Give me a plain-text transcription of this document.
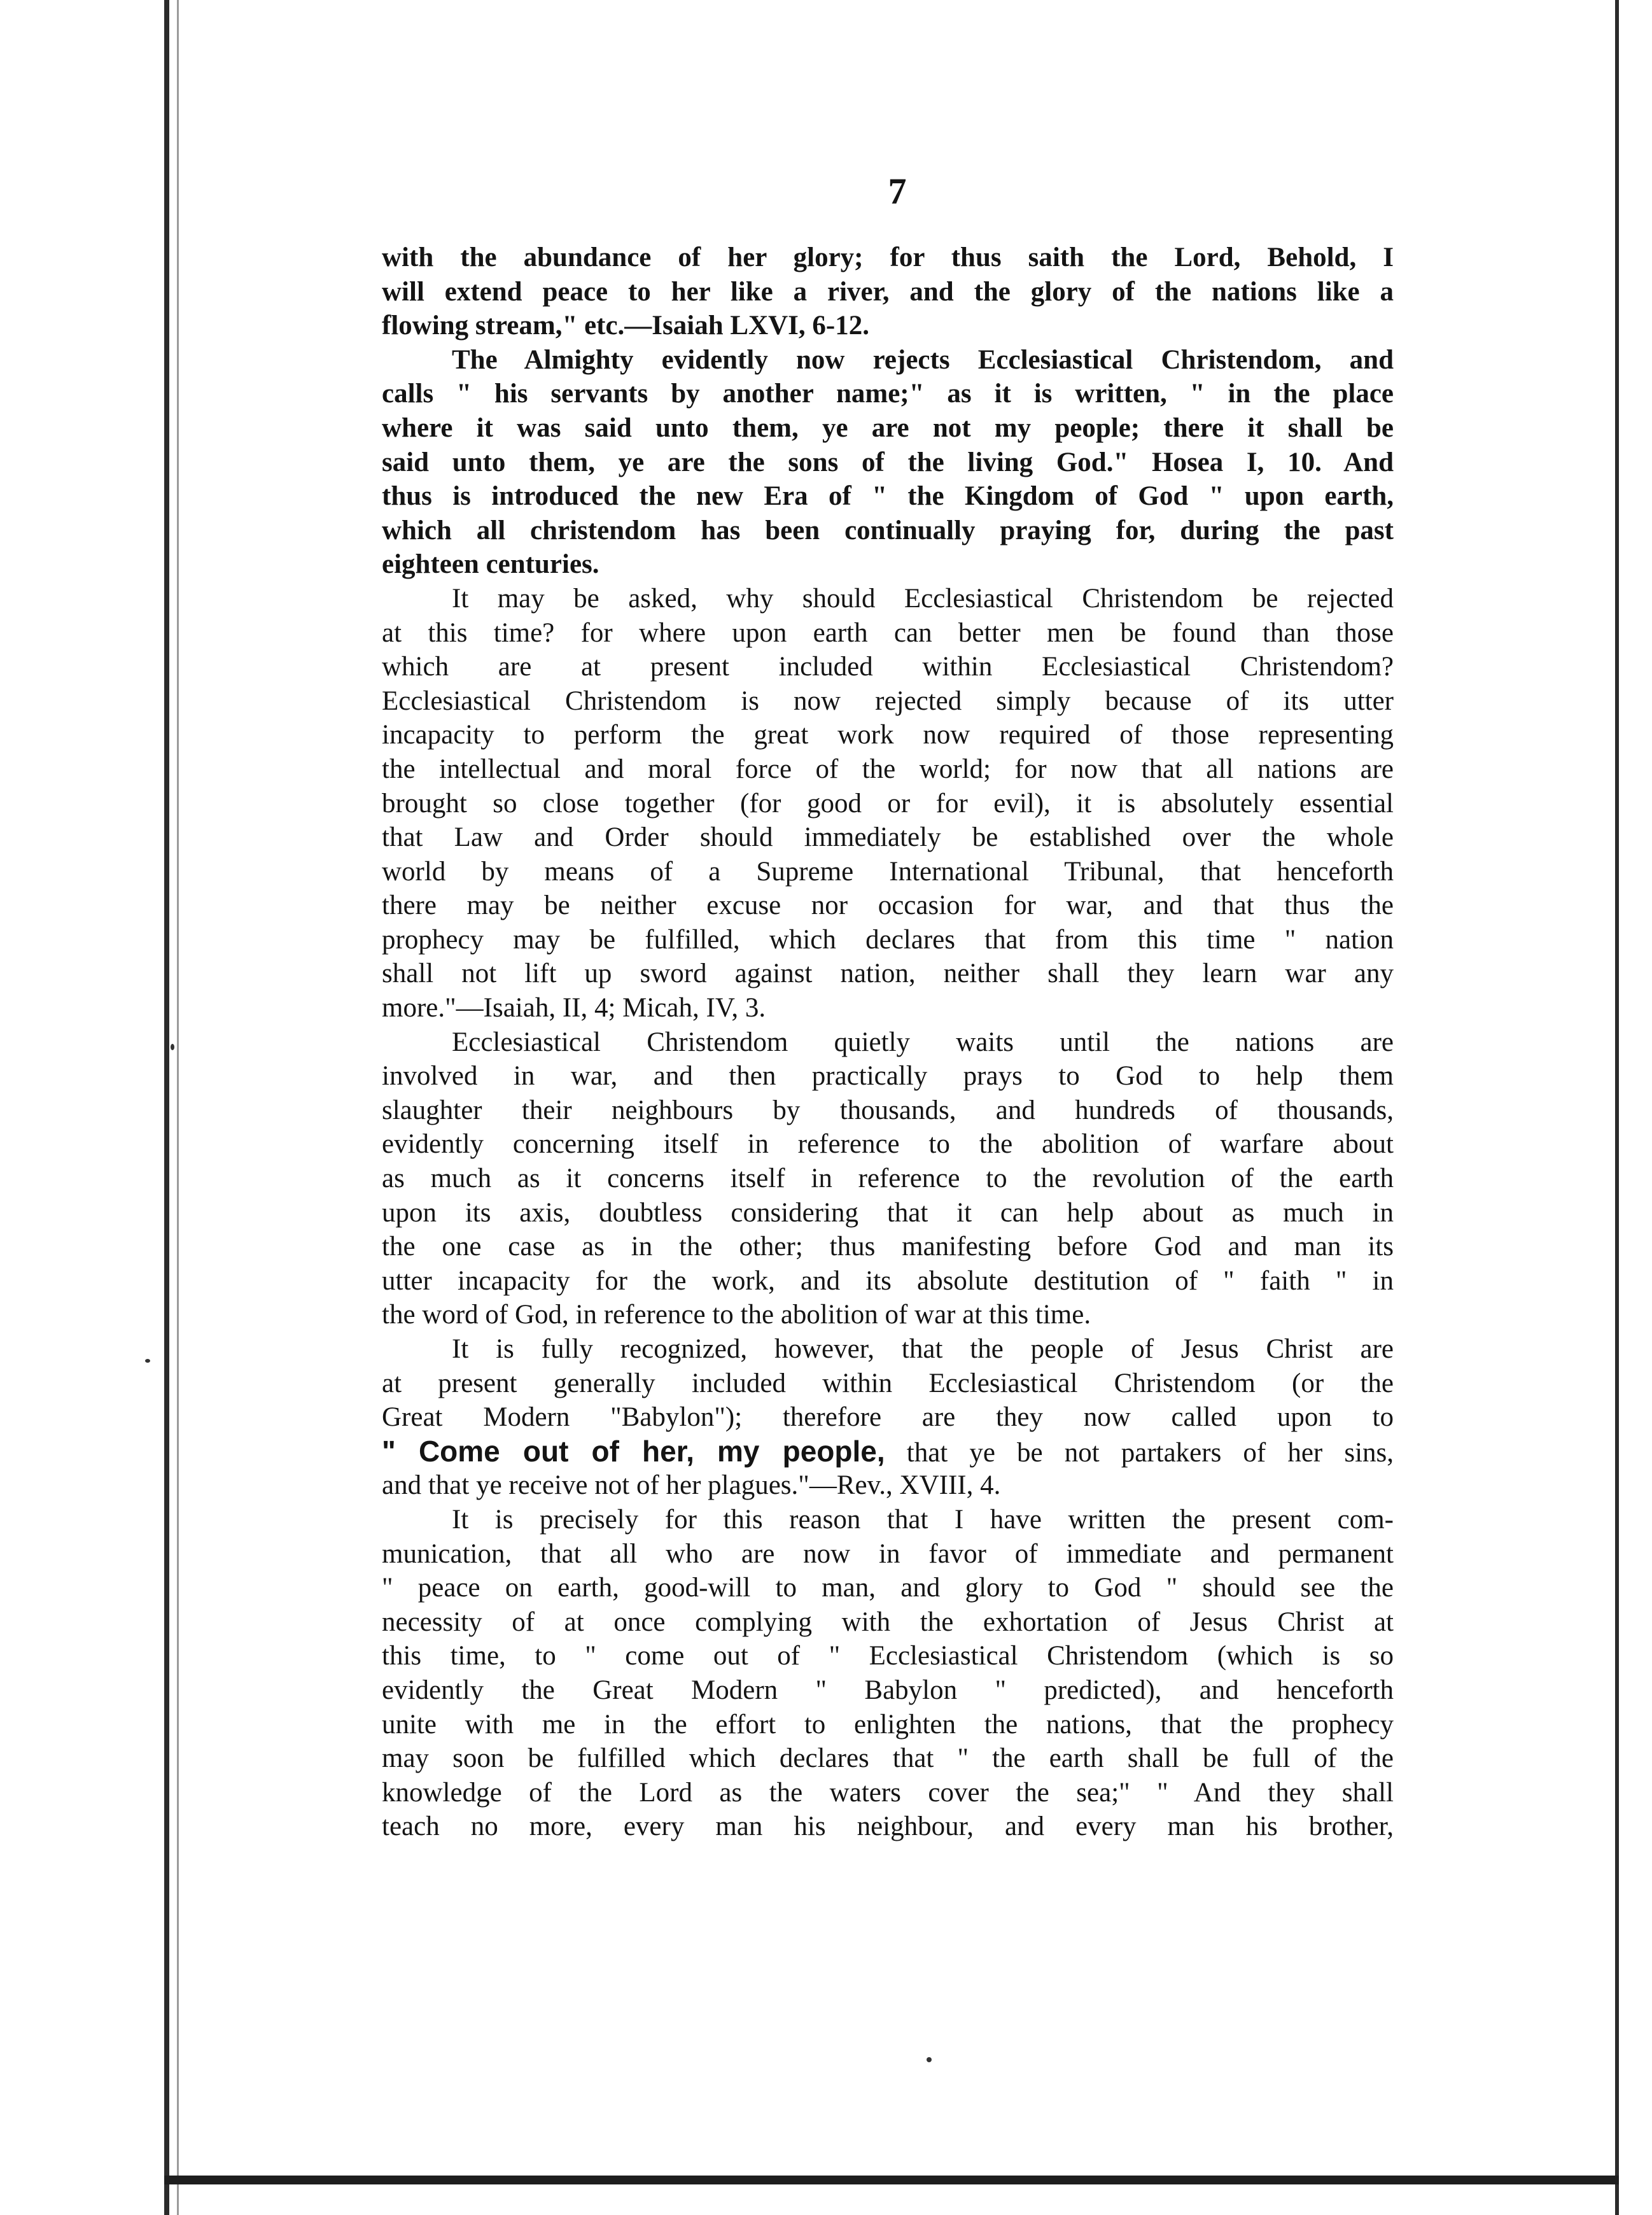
7
with the abundance of her glory; for thus saith the Lord, Behold, I
will extend peace to her like a river, and the glory of the nations like a
flowing stream," etc.—Isaiah LXVI, 6-12.
The Almighty evidently now rejects Ecclesiastical Christendom, and
calls " his servants by another name;" as it is written, " in the place
where it was said unto them, ye are not my people; there it shall be
said unto them, ye are the sons of the living God." Hosea I, 10. And
thus is introduced the new Era of " the Kingdom of God " upon earth,
which all christendom has been continually praying for, during the past
eighteen centuries.
It may be asked, why should Ecclesiastical Christendom be rejected
at this time? for where upon earth can better men be found than those
which are at present included within Ecclesiastical Christendom?
Ecclesiastical Christendom is now rejected simply because of its utter
incapacity to perform the great work now required of those representing
the intellectual and moral force of the world; for now that all nations are
brought so close together (for good or for evil), it is absolutely essential
that Law and Order should immediately be established over the whole
world by means of a Supreme International Tribunal, that henceforth
there may be neither excuse nor occasion for war, and that thus the
prophecy may be fulfilled, which declares that from this time " nation
shall not lift up sword against nation, neither shall they learn war any
more."—Isaiah, II, 4; Micah, IV, 3.
Ecclesiastical Christendom quietly waits until the nations are
involved in war, and then practically prays to God to help them
slaughter their neighbours by thousands, and hundreds of thousands,
evidently concerning itself in reference to the abolition of warfare about
as much as it concerns itself in reference to the revolution of the earth
upon its axis, doubtless considering that it can help about as much in
the one case as in the other; thus manifesting before God and man its
utter incapacity for the work, and its absolute destitution of " faith " in
the word of God, in reference to the abolition of war at this time.
It is fully recognized, however, that the people of Jesus Christ are
at present generally included within Ecclesiastical Christendom (or the
Great Modern "Babylon"); therefore are they now called upon to
" Come out of her, my people, that ye be not partakers of her sins,
and that ye receive not of her plagues."—Rev., XVIII, 4.
It is precisely for this reason that I have written the present com-
munication, that all who are now in favor of immediate and permanent
" peace on earth, good-will to man, and glory to God " should see the
necessity of at once complying with the exhortation of Jesus Christ at
this time, to " come out of " Ecclesiastical Christendom (which is so
evidently the Great Modern " Babylon " predicted), and henceforth
unite with me in the effort to enlighten the nations, that the prophecy
may soon be fulfilled which declares that " the earth shall be full of the
knowledge of the Lord as the waters cover the sea;" " And they shall
teach no more, every man his neighbour, and every man his brother,
